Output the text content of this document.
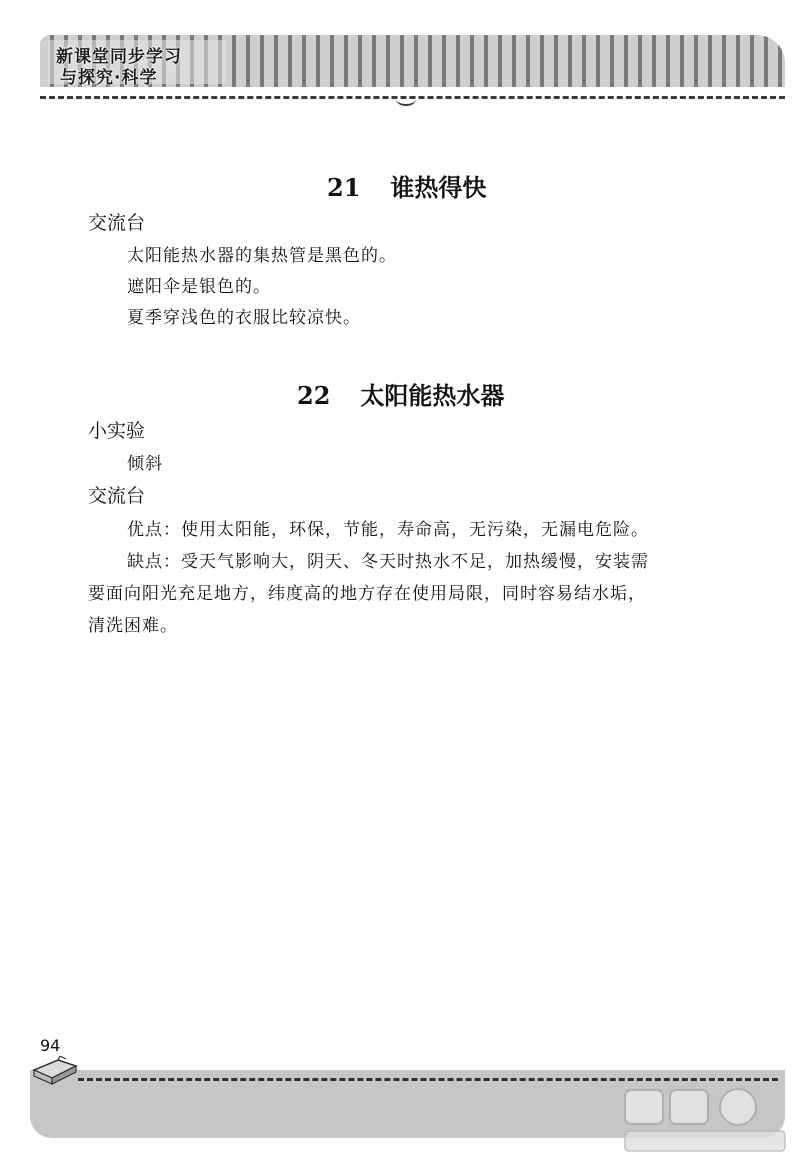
新课堂同步学习
与探究·科学
21 谁热得快
交流台
太阳能热水器的集热管是黑色的。
遮阳伞是银色的。
夏季穿浅色的衣服比较凉快。
22 太阳能热水器
小实验
倾斜
交流台
优点：使用太阳能，环保，节能，寿命高，无污染，无漏电危险。
缺点：受天气影响大，阴天、冬天时热水不足，加热缓慢，安装需
要面向阳光充足地方，纬度高的地方存在使用局限，同时容易结水垢，
清洗困难。
94
